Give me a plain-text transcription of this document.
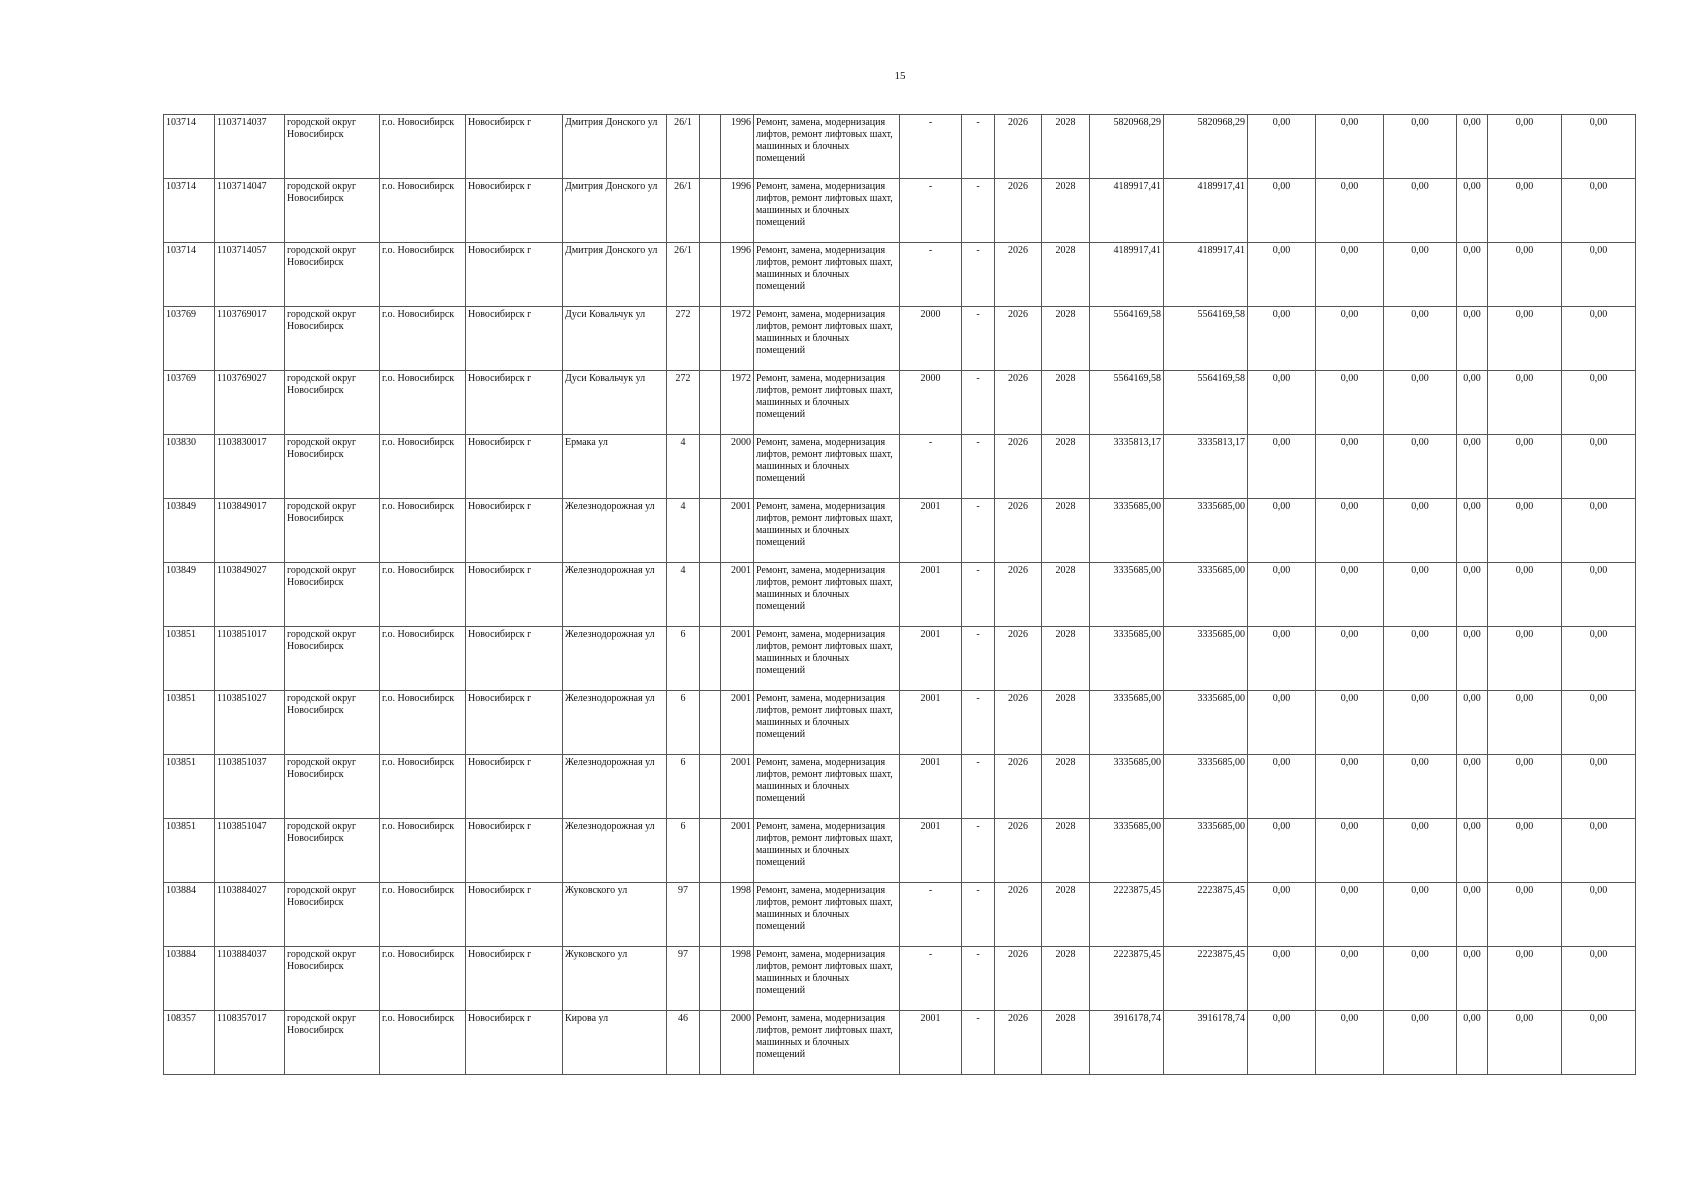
15
103714	1103714037	городской округ Новосибирск	г.о. Новосибирск	Новосибирск г	Дмитрия Донского ул	26/1		1996	Ремонт, замена, модернизация лифтов, ремонт лифтовых шахт, машинных и блочных помещений	-	-	2026	2028	5820968,29	5820968,29	0,00	0,00	0,00	0,00	0,00	0,00
103714	1103714047	городской округ Новосибирск	г.о. Новосибирск	Новосибирск г	Дмитрия Донского ул	26/1		1996	Ремонт, замена, модернизация лифтов, ремонт лифтовых шахт, машинных и блочных помещений	-	-	2026	2028	4189917,41	4189917,41	0,00	0,00	0,00	0,00	0,00	0,00
103714	1103714057	городской округ Новосибирск	г.о. Новосибирск	Новосибирск г	Дмитрия Донского ул	26/1		1996	Ремонт, замена, модернизация лифтов, ремонт лифтовых шахт, машинных и блочных помещений	-	-	2026	2028	4189917,41	4189917,41	0,00	0,00	0,00	0,00	0,00	0,00
103769	1103769017	городской округ Новосибирск	г.о. Новосибирск	Новосибирск г	Дуси Ковальчук ул	272		1972	Ремонт, замена, модернизация лифтов, ремонт лифтовых шахт, машинных и блочных помещений	2000	-	2026	2028	5564169,58	5564169,58	0,00	0,00	0,00	0,00	0,00	0,00
103769	1103769027	городской округ Новосибирск	г.о. Новосибирск	Новосибирск г	Дуси Ковальчук ул	272		1972	Ремонт, замена, модернизация лифтов, ремонт лифтовых шахт, машинных и блочных помещений	2000	-	2026	2028	5564169,58	5564169,58	0,00	0,00	0,00	0,00	0,00	0,00
103830	1103830017	городской округ Новосибирск	г.о. Новосибирск	Новосибирск г	Ермака ул	4		2000	Ремонт, замена, модернизация лифтов, ремонт лифтовых шахт, машинных и блочных помещений	-	-	2026	2028	3335813,17	3335813,17	0,00	0,00	0,00	0,00	0,00	0,00
103849	1103849017	городской округ Новосибирск	г.о. Новосибирск	Новосибирск г	Железнодорожная ул	4		2001	Ремонт, замена, модернизация лифтов, ремонт лифтовых шахт, машинных и блочных помещений	2001	-	2026	2028	3335685,00	3335685,00	0,00	0,00	0,00	0,00	0,00	0,00
103849	1103849027	городской округ Новосибирск	г.о. Новосибирск	Новосибирск г	Железнодорожная ул	4		2001	Ремонт, замена, модернизация лифтов, ремонт лифтовых шахт, машинных и блочных помещений	2001	-	2026	2028	3335685,00	3335685,00	0,00	0,00	0,00	0,00	0,00	0,00
103851	1103851017	городской округ Новосибирск	г.о. Новосибирск	Новосибирск г	Железнодорожная ул	6		2001	Ремонт, замена, модернизация лифтов, ремонт лифтовых шахт, машинных и блочных помещений	2001	-	2026	2028	3335685,00	3335685,00	0,00	0,00	0,00	0,00	0,00	0,00
103851	1103851027	городской округ Новосибирск	г.о. Новосибирск	Новосибирск г	Железнодорожная ул	6		2001	Ремонт, замена, модернизация лифтов, ремонт лифтовых шахт, машинных и блочных помещений	2001	-	2026	2028	3335685,00	3335685,00	0,00	0,00	0,00	0,00	0,00	0,00
103851	1103851037	городской округ Новосибирск	г.о. Новосибирск	Новосибирск г	Железнодорожная ул	6		2001	Ремонт, замена, модернизация лифтов, ремонт лифтовых шахт, машинных и блочных помещений	2001	-	2026	2028	3335685,00	3335685,00	0,00	0,00	0,00	0,00	0,00	0,00
103851	1103851047	городской округ Новосибирск	г.о. Новосибирск	Новосибирск г	Железнодорожная ул	6		2001	Ремонт, замена, модернизация лифтов, ремонт лифтовых шахт, машинных и блочных помещений	2001	-	2026	2028	3335685,00	3335685,00	0,00	0,00	0,00	0,00	0,00	0,00
103884	1103884027	городской округ Новосибирск	г.о. Новосибирск	Новосибирск г	Жуковского ул	97		1998	Ремонт, замена, модернизация лифтов, ремонт лифтовых шахт, машинных и блочных помещений	-	-	2026	2028	2223875,45	2223875,45	0,00	0,00	0,00	0,00	0,00	0,00
103884	1103884037	городской округ Новосибирск	г.о. Новосибирск	Новосибирск г	Жуковского ул	97		1998	Ремонт, замена, модернизация лифтов, ремонт лифтовых шахт, машинных и блочных помещений	-	-	2026	2028	2223875,45	2223875,45	0,00	0,00	0,00	0,00	0,00	0,00
108357	1108357017	городской округ Новосибирск	г.о. Новосибирск	Новосибирск г	Кирова ул	46		2000	Ремонт, замена, модернизация лифтов, ремонт лифтовых шахт, машинных и блочных помещений	2001	-	2026	2028	3916178,74	3916178,74	0,00	0,00	0,00	0,00	0,00	0,00
